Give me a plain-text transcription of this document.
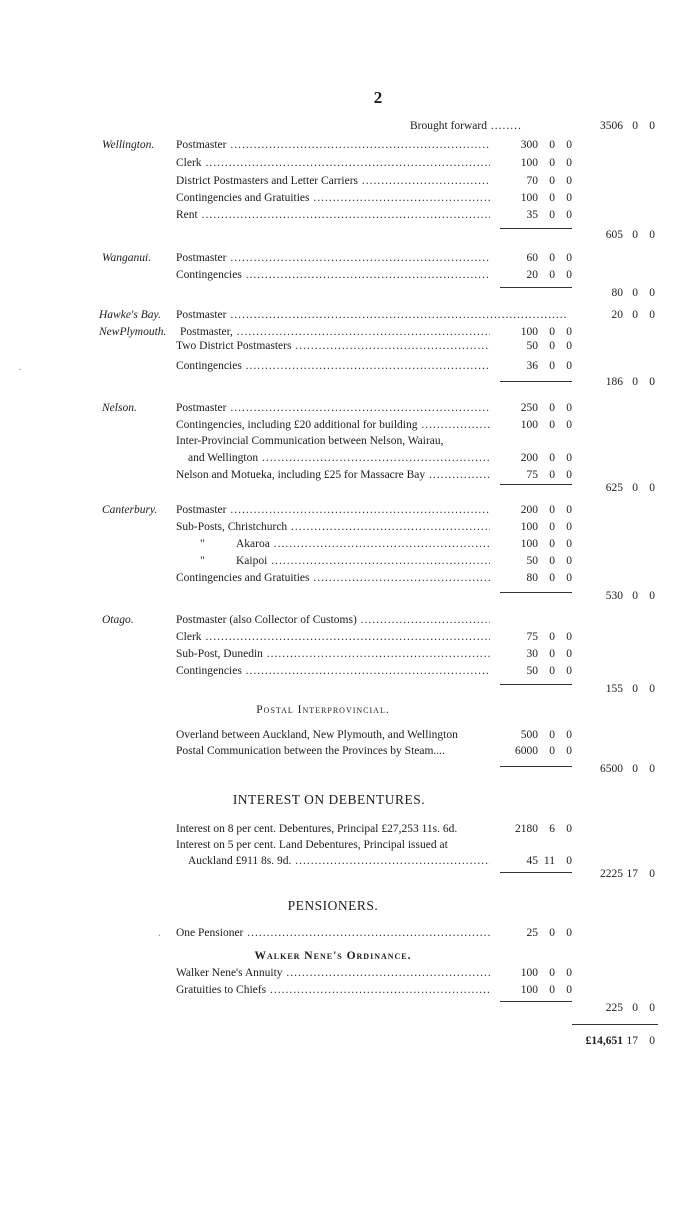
2
Brought forward .....	3506 0 0
Wellington. Postmaster .....	300 0 0
Clerk .....	100 0 0
District Postmasters and Letter Carriers .....	70 0 0
Contingencies and Gratuities .....	100 0 0
Rent .....	35 0 0
605 0 0
Wanganui. Postmaster .....	60 0 0
Contingencies .....	20 0 0
80 0 0
Hawke's Bay. Postmaster .....	20 0 0
NewPlymouth. Postmaster, .....	100 0 0
Two District Postmasters .....	50 0 0
Contingencies .....	36 0 0
186 0 0
·
Nelson.	Postmaster .....	250 0 0
Contingencies, including £20 additional for building .....	100 0 0
Inter-Provincial Communication between Nelson, Wairau,
and Wellington .....	200 0 0
Nelson and Motueka, including £25 for Massacre Bay .....	75 0 0
625 0 0
Canterbury. Postmaster .....	200 0 0
Sub-Posts, Christchurch .....	100 0 0
"	Akaroa .....	100 0 0
"	Kaipoi .....	50 0 0
Contingencies and Gratuities .....	80 0 0
530 0 0
Otago.	Postmaster (also Collector of Customs) .....
Clerk .....	75 0 0
Sub-Post, Dunedin .....	30 0 0
Contingencies .....	50 0 0
155 0 0
Postal Interprovincial.
Overland between Auckland, New Plymouth, and Wellington	500 0 0
Postal Communication between the Provinces by Steam....	6000 0 0
6500 0 0
INTEREST ON DEBENTURES.
Interest on 8 per cent. Debentures, Principal £27,253 11s. 6d.	2180 6 0
Interest on 5 per cent. Land Debentures, Principal issued at
Auckland £911 8s. 9d. .....	45 11 0
2225 17 0
PENSIONERS.
. One Pensioner .....	25 0 0
Walker Nene's Ordinance.
Walker Nene's Annuity .....	100 0 0
Gratuities to Chiefs .....	100 0 0
225 0 0
£14,651 17 0
